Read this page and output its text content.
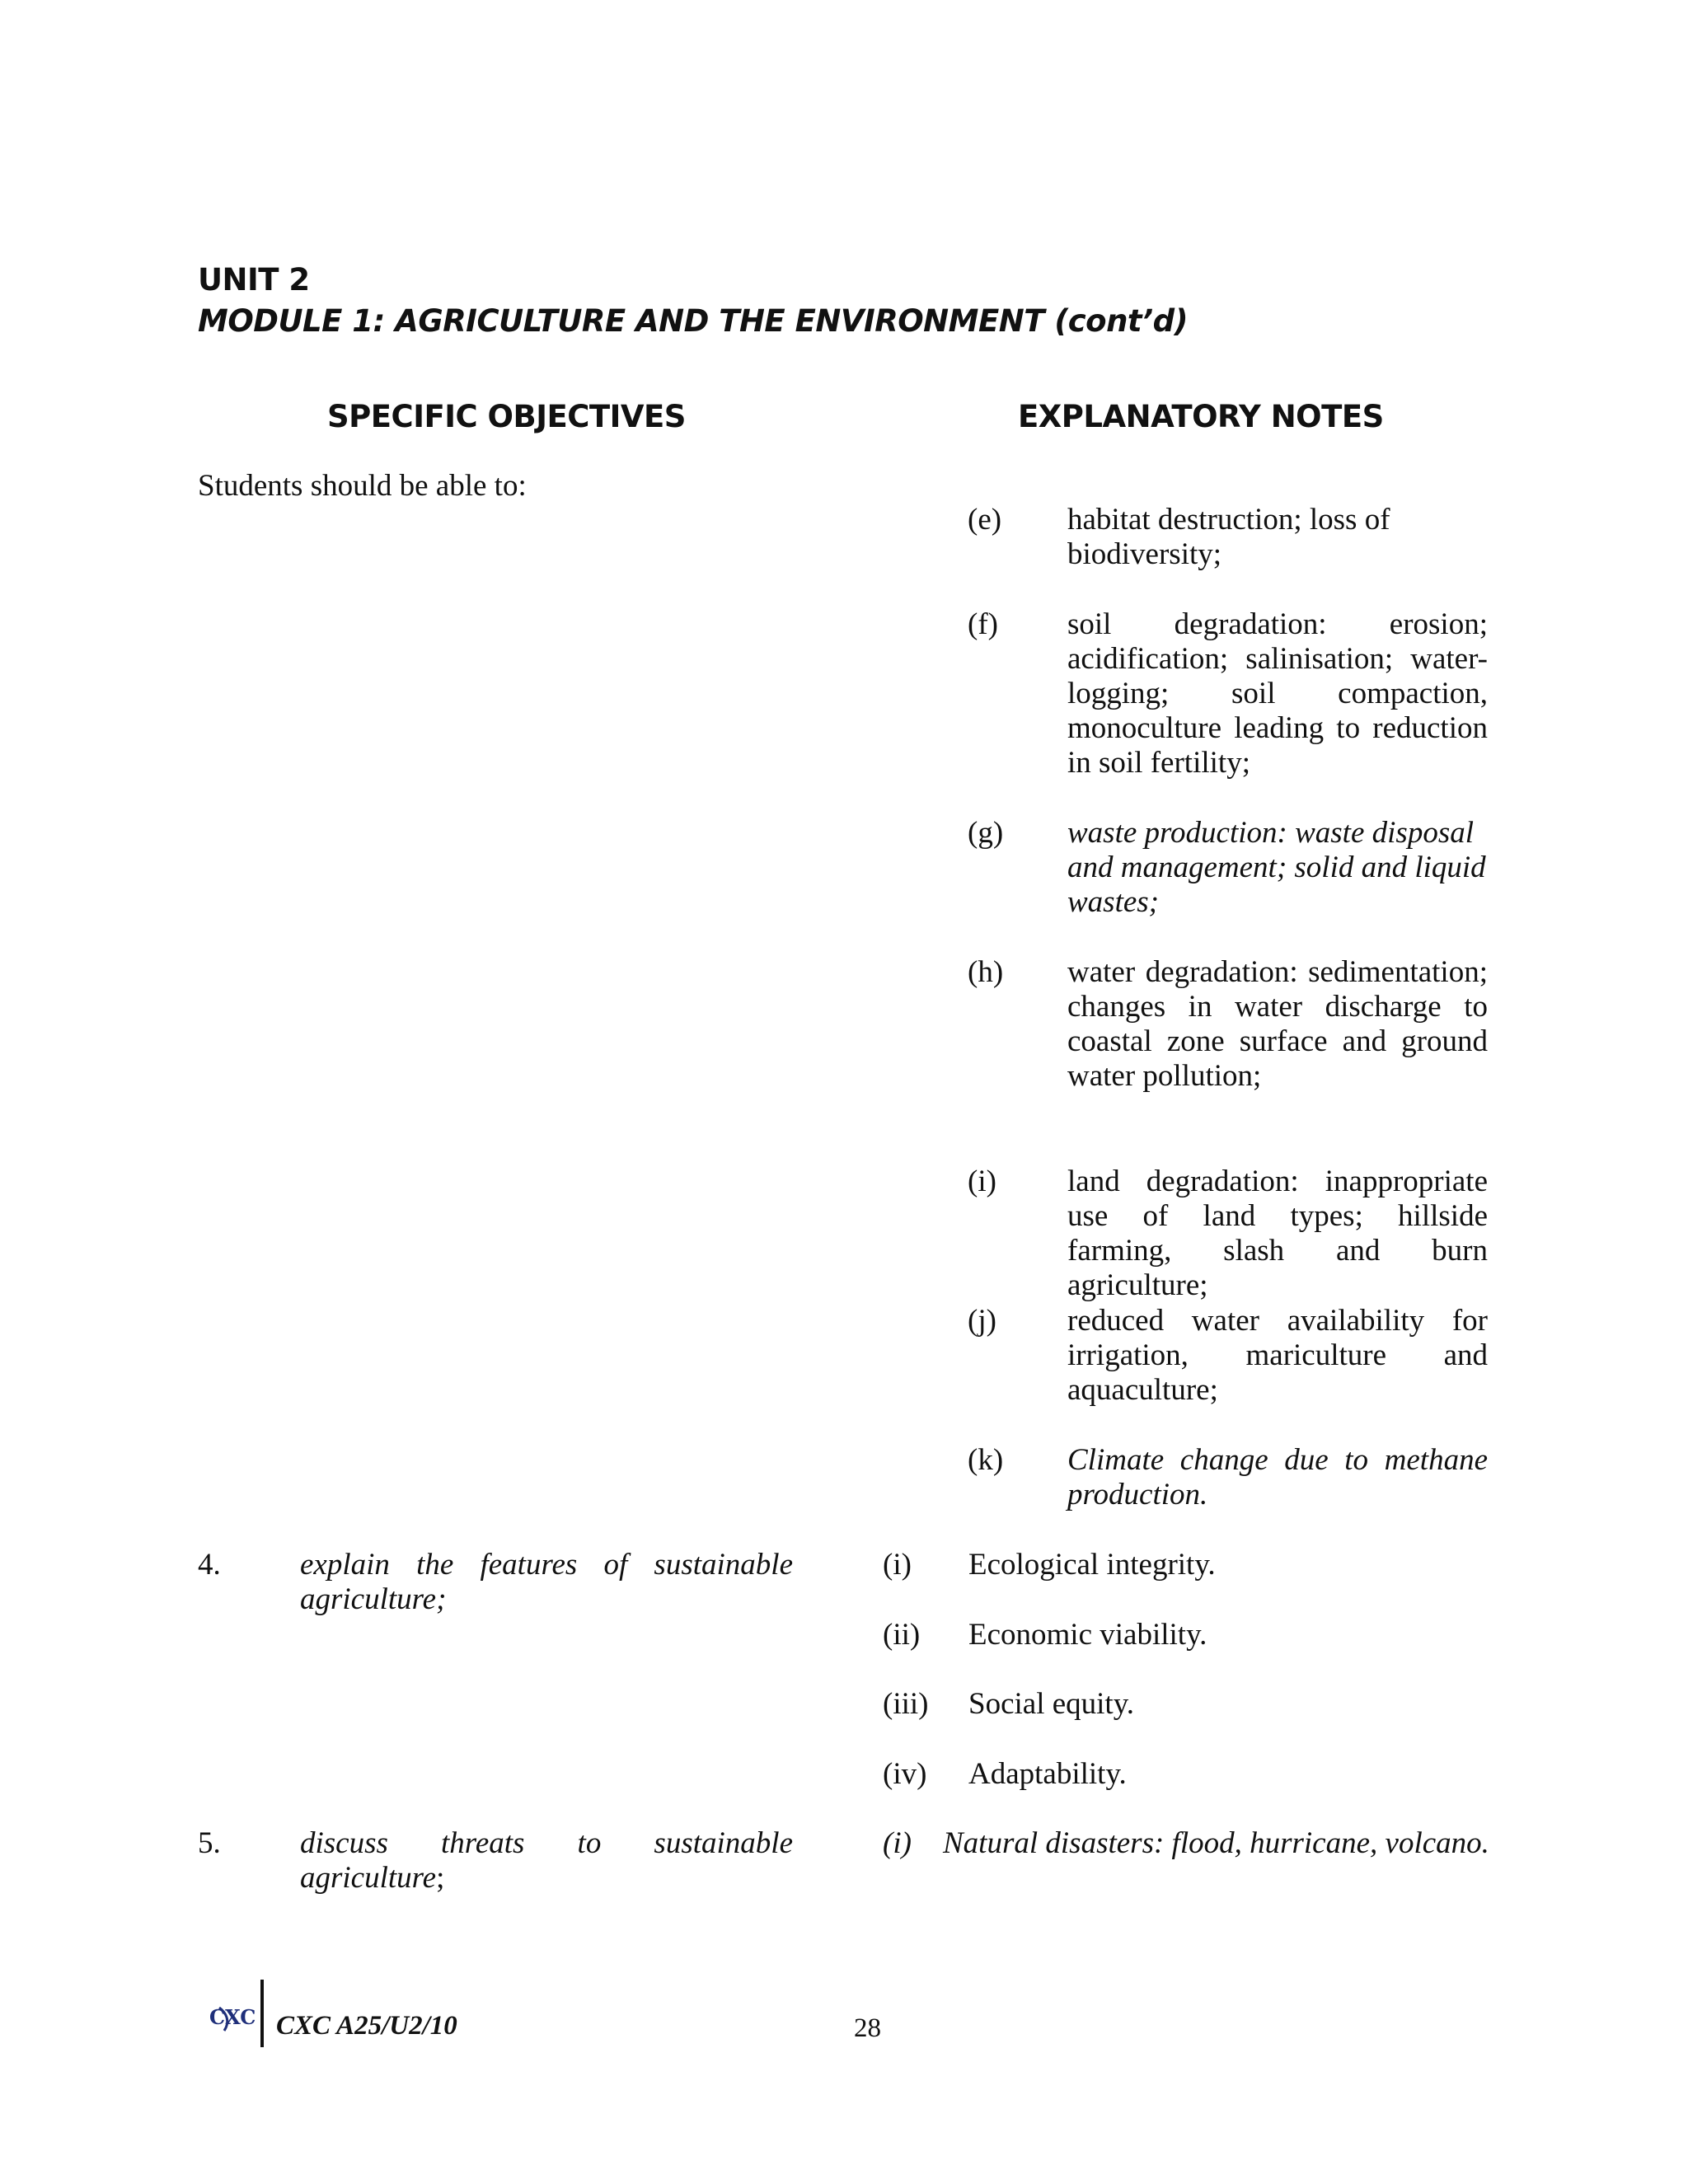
UNIT 2
MODULE 1: AGRICULTURE AND THE ENVIRONMENT (cont’d)
SPECIFIC OBJECTIVES	EXPLANATORY NOTES
Students should be able to:
(e) habitat destruction; loss of biodiversity;
(f) soil degradation: erosion; acidification; salinisation; water-logging; soil compaction, monoculture leading to reduction in soil fertility;
(g) waste production: waste disposal and management; solid and liquid wastes;
(h) water degradation: sedimentation; changes in water discharge to coastal zone surface and ground water pollution;
(i) land degradation: inappropriate use of land types; hillside farming, slash and burn agriculture;
(j) reduced water availability for irrigation, mariculture and aquaculture;
(k) Climate change due to methane production.
4.	explain the features of sustainable agriculture;
(i) Ecological integrity.
(ii) Economic viability.
(iii) Social equity.
(iv) Adaptability.
5.	discuss threats to sustainable agriculture;
(i) Natural disasters: flood, hurricane, volcano.
CXC CXC A25/U2/10	28
